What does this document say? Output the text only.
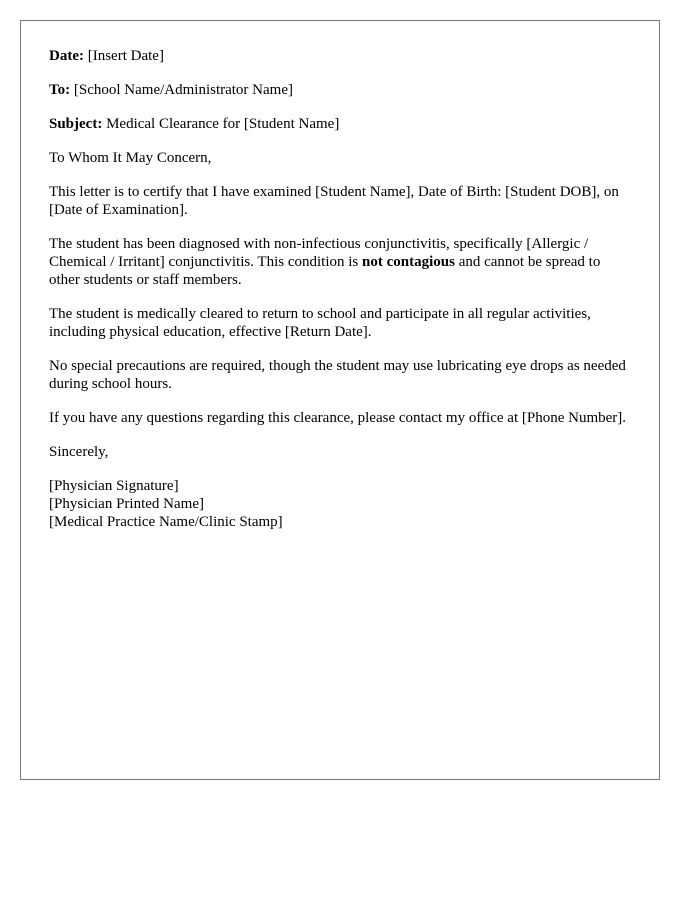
Date: [Insert Date]

To: [School Name/Administrator Name]

Subject: Medical Clearance for [Student Name]

To Whom It May Concern,

This letter is to certify that I have examined [Student Name], Date of Birth: [Student DOB], on [Date of Examination].

The student has been diagnosed with non-infectious conjunctivitis, specifically [Allergic / Chemical / Irritant] conjunctivitis. This condition is not contagious and cannot be spread to other students or staff members.

The student is medically cleared to return to school and participate in all regular activities, including physical education, effective [Return Date].

No special precautions are required, though the student may use lubricating eye drops as needed during school hours.

If you have any questions regarding this clearance, please contact my office at [Phone Number].

Sincerely,

[Physician Signature]
[Physician Printed Name]
[Medical Practice Name/Clinic Stamp]
